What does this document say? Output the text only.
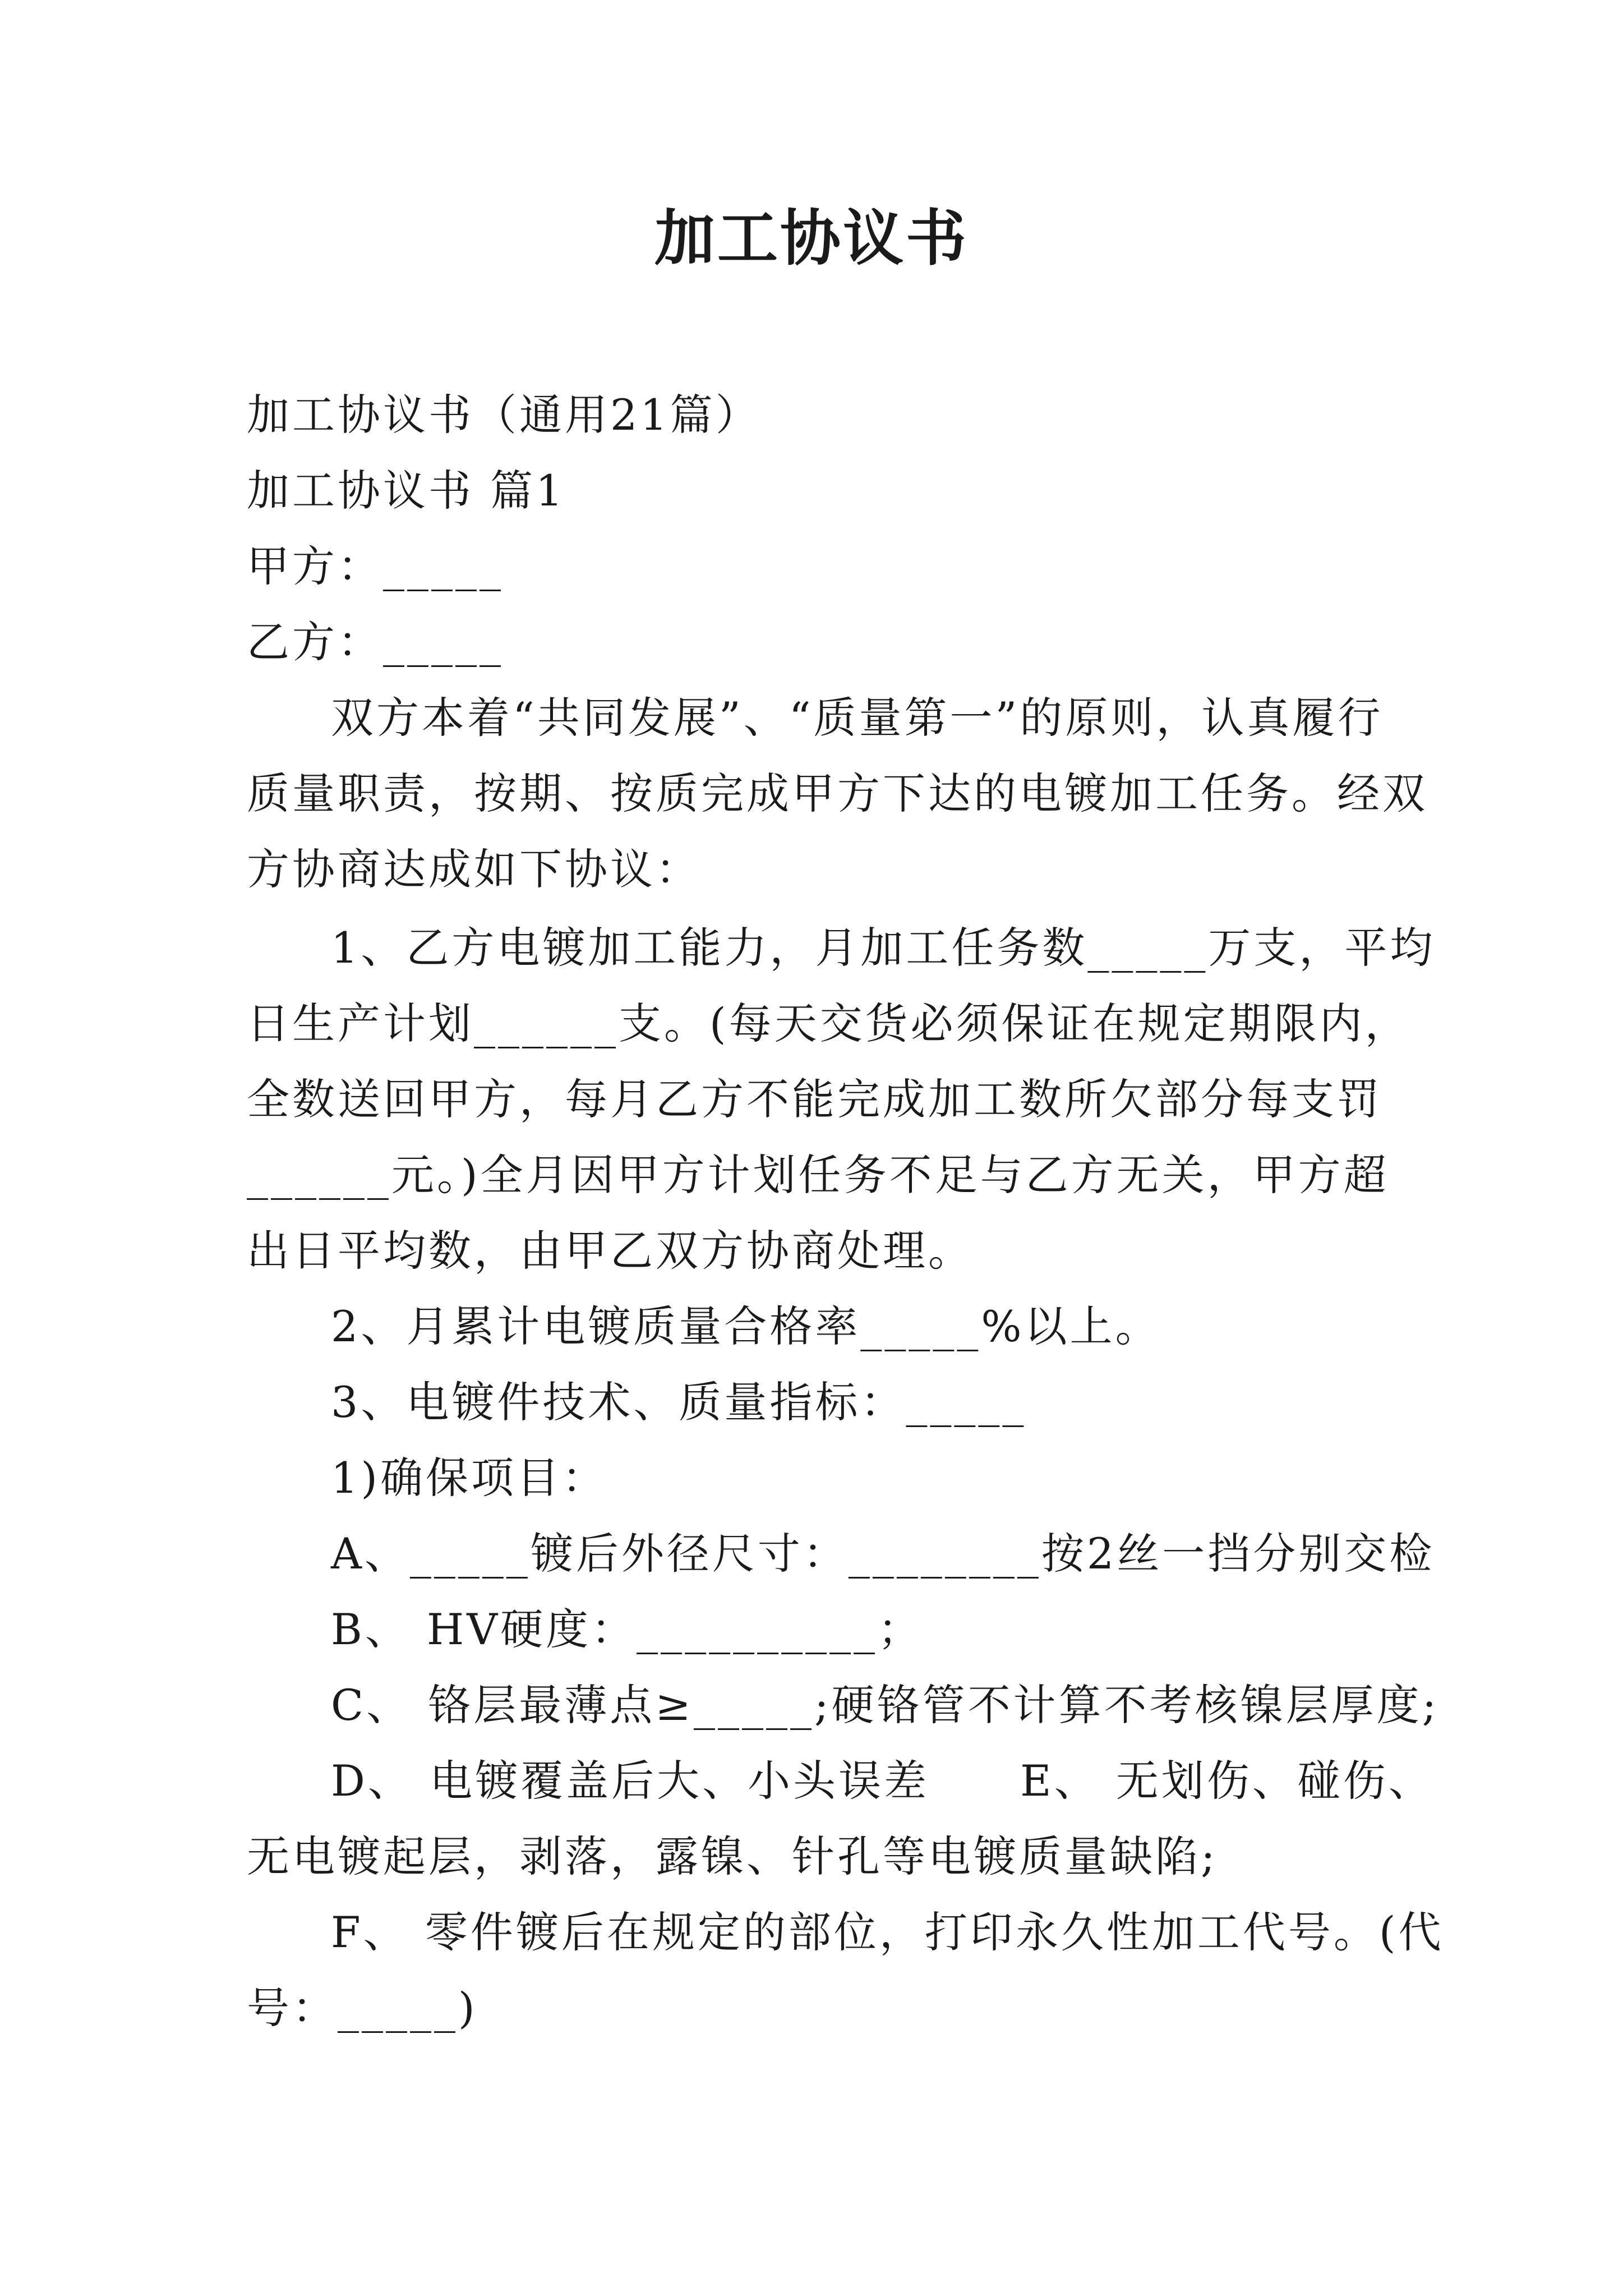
加工协议书
加工协议书（通用21篇）
加工协议书 篇1
甲方：_____
乙方：_____
双方本着“共同发展”、“质量第一”的原则，认真履行
质量职责，按期、按质完成甲方下达的电镀加工任务。经双
方协商达成如下协议：
1、乙方电镀加工能力，月加工任务数_____万支，平均
日生产计划______支。(每天交货必须保证在规定期限内，
全数送回甲方，每月乙方不能完成加工数所欠部分每支罚
______元。)全月因甲方计划任务不足与乙方无关，甲方超
出日平均数，由甲乙双方协商处理。
2、月累计电镀质量合格率_____%以上。
3、电镀件技术、质量指标：_____
1)确保项目：
A、_____镀后外径尺寸：________按2丝一挡分别交检
B、 HV硬度：__________；
C、 铬层最薄点≥_____;硬铬管不计算不考核镍层厚度;
D、 电镀覆盖后大、小头误差　　E、 无划伤、碰伤、
无电镀起层，剥落，露镍、针孔等电镀质量缺陷;
F、 零件镀后在规定的部位，打印永久性加工代号。(代
号：_____)
